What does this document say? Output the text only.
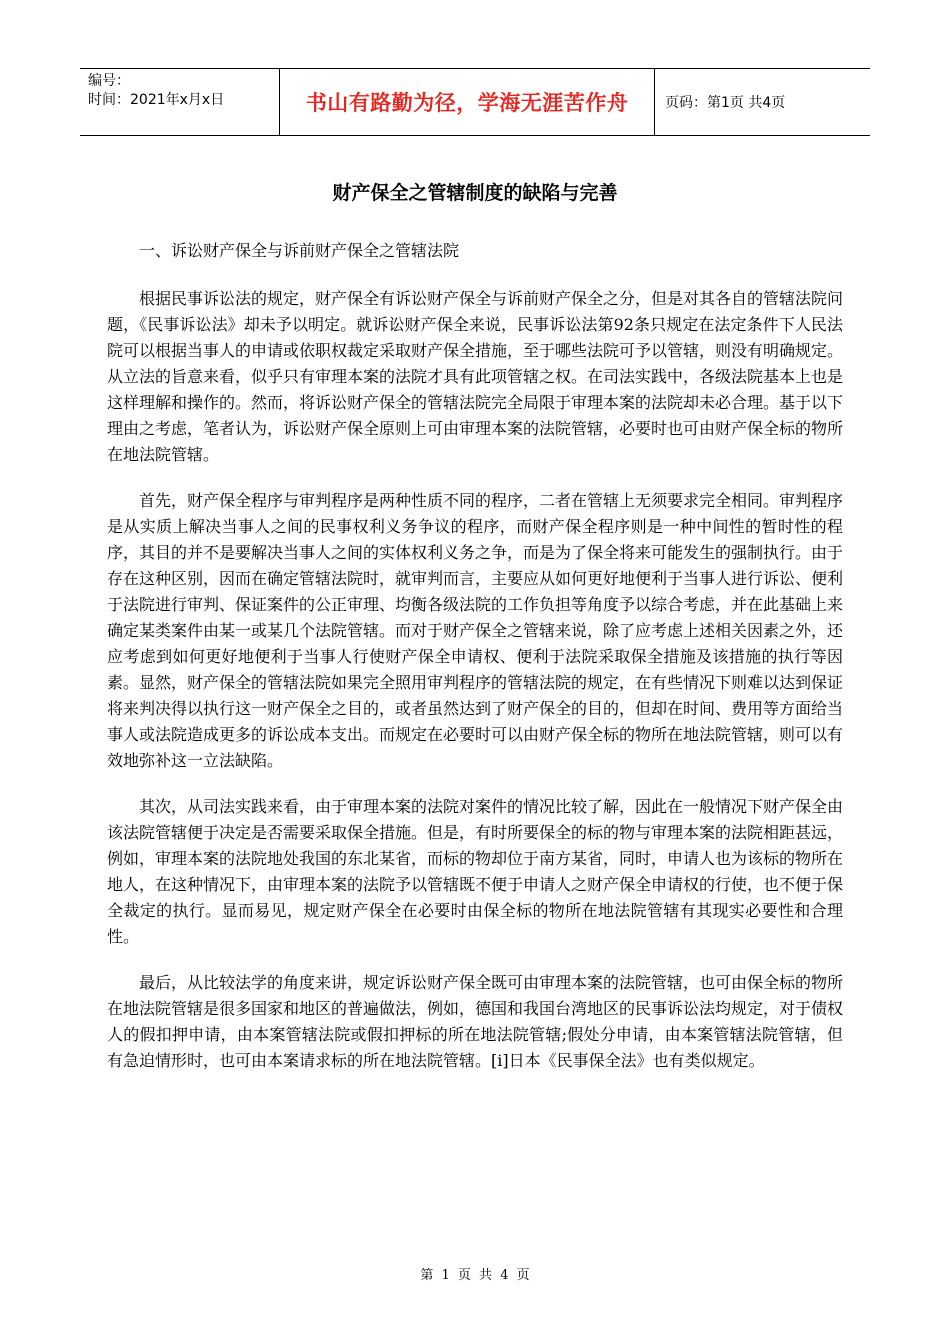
编号：
时间：2021年x月x日	书山有路勤为径，学海无涯苦作舟	页码：第1页 共4页
财产保全之管辖制度的缺陷与完善

一、诉讼财产保全与诉前财产保全之管辖法院

根据民事诉讼法的规定，财产保全有诉讼财产保全与诉前财产保全之分，但是对其各自的管辖法院问题，《民事诉讼法》却未予以明定。就诉讼财产保全来说，民事诉讼法第92条只规定在法定条件下人民法院可以根据当事人的申请或依职权裁定采取财产保全措施，至于哪些法院可予以管辖，则没有明确规定。从立法的旨意来看，似乎只有审理本案的法院才具有此项管辖之权。在司法实践中，各级法院基本上也是这样理解和操作的。然而，将诉讼财产保全的管辖法院完全局限于审理本案的法院却未必合理。基于以下理由之考虑，笔者认为，诉讼财产保全原则上可由审理本案的法院管辖，必要时也可由财产保全标的物所在地法院管辖。

首先，财产保全程序与审判程序是两种性质不同的程序，二者在管辖上无须要求完全相同。审判程序是从实质上解决当事人之间的民事权利义务争议的程序，而财产保全程序则是一种中间性的暂时性的程序，其目的并不是要解决当事人之间的实体权利义务之争，而是为了保全将来可能发生的强制执行。由于存在这种区别，因而在确定管辖法院时，就审判而言，主要应从如何更好地便利于当事人进行诉讼、便利于法院进行审判、保证案件的公正审理、均衡各级法院的工作负担等角度予以综合考虑，并在此基础上来确定某类案件由某一或某几个法院管辖。而对于财产保全之管辖来说，除了应考虑上述相关因素之外，还应考虑到如何更好地便利于当事人行使财产保全申请权、便利于法院采取保全措施及该措施的执行等因素。显然，财产保全的管辖法院如果完全照用审判程序的管辖法院的规定，在有些情况下则难以达到保证将来判决得以执行这一财产保全之目的，或者虽然达到了财产保全的目的，但却在时间、费用等方面给当事人或法院造成更多的诉讼成本支出。而规定在必要时可以由财产保全标的物所在地法院管辖，则可以有效地弥补这一立法缺陷。

其次，从司法实践来看，由于审理本案的法院对案件的情况比较了解，因此在一般情况下财产保全由该法院管辖便于决定是否需要采取保全措施。但是，有时所要保全的标的物与审理本案的法院相距甚远，例如，审理本案的法院地处我国的东北某省，而标的物却位于南方某省，同时，申请人也为该标的物所在地人，在这种情况下，由审理本案的法院予以管辖既不便于申请人之财产保全申请权的行使，也不便于保全裁定的执行。显而易见，规定财产保全在必要时由保全标的物所在地法院管辖有其现实必要性和合理性。

最后，从比较法学的角度来讲，规定诉讼财产保全既可由审理本案的法院管辖，也可由保全标的物所在地法院管辖是很多国家和地区的普遍做法，例如，德国和我国台湾地区的民事诉讼法均规定，对于债权人的假扣押申请，由本案管辖法院或假扣押标的所在地法院管辖;假处分申请，由本案管辖法院管辖，但有急迫情形时，也可由本案请求标的所在地法院管辖。[i]日本《民事保全法》也有类似规定。

第 1 页 共 4 页
